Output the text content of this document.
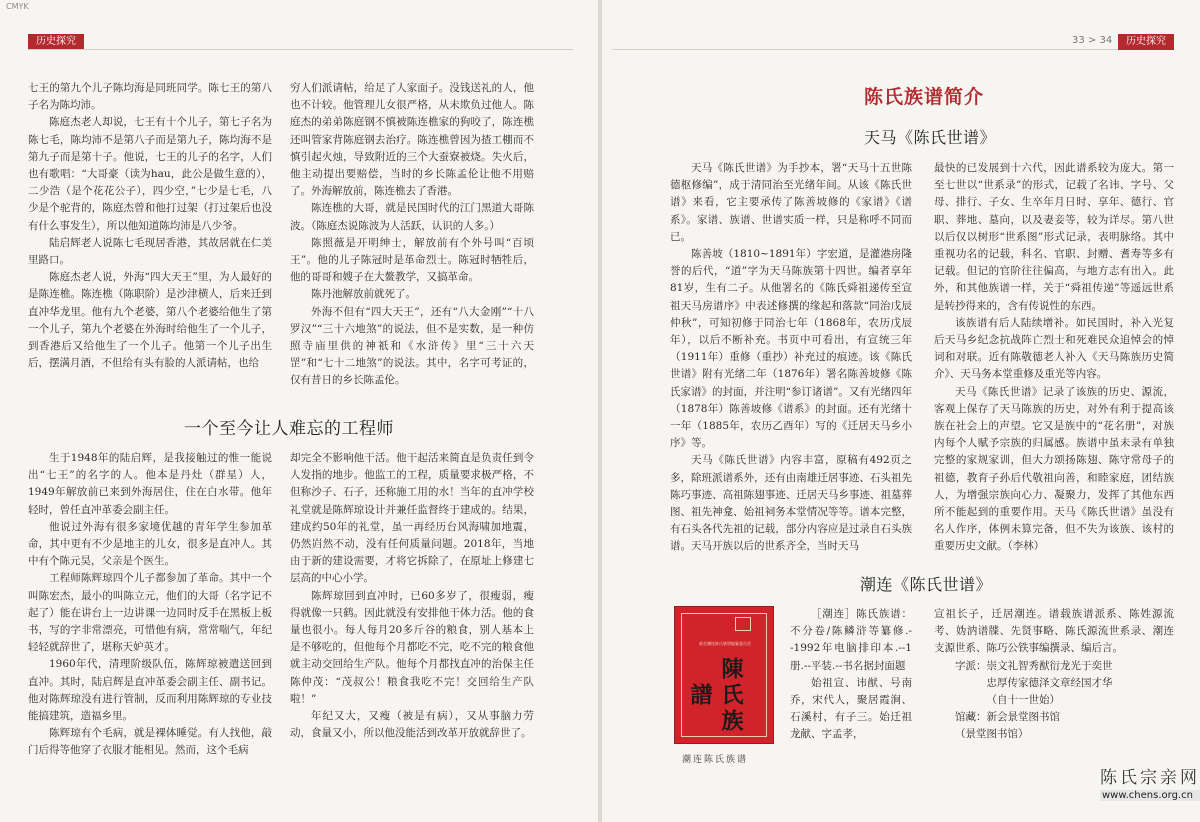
CMYK
历史探究

七王的第九个儿子陈均海是同班同学。陈七王的第八子名为陈均沛。

陈庭杰老人却说，七王有十个儿子，第七子名为陈七毛，陈均沛不是第八子而是第九子，陈均海不是第九子而是第十子。他说，七王的儿子的名字，人们也有歌唱：“大哥豪（读为hau，此公是做生意的），二少浩（是个花花公子），四少空，”七少是七毛，八少是个驼背的，陈庭杰曾和他打过架（打过架后也没有什么事发生），所以他知道陈均沛是八少爷。

陆启辉老人说陈七毛现居香港，其故居就在仁美里路口。

陈庭杰老人说，外海“四大天王”里，为人最好的是陈连樵。陈连樵（陈职阶）是沙津横人，后来迁到直冲华龙里。他有九个老婆，第八个老婆给他生了第一个儿子，第九个老婆在外海时给他生了一个儿子，到香港后又给他生了一个儿子。他第一个儿子出生后，摆满月酒，不但给有头有脸的人派请帖，也给

穷人们派请帖，给足了人家面子。没钱送礼的人，他也不计较。他管理儿女很严格，从未欺负过他人。陈庭杰的弟弟陈庭钢不慎被陈连樵家的狗咬了，陈连樵还叫管家背陈庭钢去治疗。陈连樵曾因为揸工棚而不慎引起火烛，导致附近的三个大蚕寮被烧。失火后，他主动提出要赔偿，当时的乡长陈孟伦让他不用赔了。外海解放前，陈连樵去了香港。

陈连樵的大哥，就是民国时代的江门黑道大哥陈波。（陈庭杰说陈波为人活跃，认识的人多。）

陈照薇是开明绅士，解放前有个外号叫“百顷王”。他的儿子陈冠时是革命烈士。陈冠时牺牲后，他的哥哥和嫂子在大鳌教学，又搞革命。

陈丹池解放前就死了。

外海不但有“四大天王”，还有“八大金刚”“十八罗汉”“三十六地煞”的说法，但不是实数，是一种仿照寺庙里供的神祇和《水浒传》里“三十六天罡”和“七十二地煞”的说法。其中，名字可考证的，仅有昔日的乡长陈孟伦。

一个至今让人难忘的工程师

生于1948年的陆启辉，是我接触过的惟一能说出“七王”的名字的人。他本是丹灶（群星）人，1949年解放前已来到外海居住，住在白水带。他年轻时，曾任直冲革委会副主任。

他说过外海有很多家境优越的青年学生参加革命，其中更有不少是地主的儿女，很多是直冲人。其中有个陈元昊，父亲是个医生。

工程师陈辉琼四个儿子都参加了革命。其中一个叫陈宏杰，最小的叫陈立元，他们的大哥（名字记不起了）能在讲台上一边讲课一边同时反手在黑板上板书，写的字非常漂亮，可惜他有病，常常喘气，年纪轻轻就辞世了，堪称天妒英才。

1960年代，清理阶级队伍，陈辉琼被遣送回到直冲。其时，陆启辉是直冲革委会副主任、副书记。他对陈辉琼没有进行管制，反而利用陈辉琼的专业技能搞建筑，造福乡里。

陈辉琼有个毛病，就是裸体睡觉。有人找他，敲门后得等他穿了衣服才能相见。然而，这个毛病

却完全不影响他干活。他干起活来简直是负责任到令人发指的地步。他监工的工程，质量要求极严格，不但称沙子、石子，还称施工用的水！当年的直冲学校礼堂就是陈辉琼设计并兼任监督终于建成的。结果，建成约50年的礼堂，虽一再经历台风海啸加地震，仍然岿然不动，没有任何质量问题。2018年，当地由于新的建设需要，才将它拆除了，在原址上修建七层高的中心小学。

陈辉琼回到直冲时，已60多岁了，很瘦弱，瘦得就像一只鹤。因此就没有安排他干体力活。他的食量也很小。每人每月20多斤谷的粮食，别人基本上是不够吃的，但他每个月都吃不完，吃不完的粮食他就主动交回给生产队。他每个月都找直冲的治保主任陈仲茂：“茂叔公！粮食我吃不完！交回给生产队啦！”

年纪又大，又瘦（被是有病），又从事脑力劳动，食量又小，所以他没能活到改革开放就辞世了。

33 > 34	历史探究
陈氏族谱简介
天马《陈氏世谱》

天马《陈氏世谱》为手抄本，署“天马十五世陈德枢修编”，成于清同治至光绪年间。从该《陈氏世谱》来看，它主要承传了陈善坡修的《家谱》《谱系》。家谱、族谱、世谱实质一样，只是称呼不同而已。

陈善坡（1810~1891年）字宏道，是灌港房隆誉的后代，“道”字为天马陈族第十四世。编者享年81岁，生有二子。从他署名的《陈氏舜祖递传至宣祖天马房谱序》中表述修撰的缘起和落款“同治戊辰仲秋”，可知初修于同治七年（1868年，农历戊辰年），以后不断补充。书页中可看出，有宣统三年（1911年）重修（重抄）补充过的痕迹。该《陈氏世谱》附有光绪二年（1876年）署名陈善坡修《陈氏家谱》的封面，并注明“参订诸谱”。又有光绪四年（1878年）陈善坡修《谱系》的封面。还有光绪十一年（1885年，农历乙酉年）写的《迁居天马乡小序》等。

天马《陈氏世谱》内容丰富，原稿有492页之多，除班派谱系外，还有由南雄迁居事迹、石头祖先陈巧事迹、高祖陈翅事迹、迁居天马乡事迹、祖墓葬图、祖先神龛、始祖祠务本堂情况等等。谱本完整，有石头各代先祖的记载，部分内容应是过录自石头族谱。天马开族以后的世系齐全，当时天马

最快的已发展到十六代，因此谱系较为庞大。第一至七世以“世系录”的形式，记载了名讳、字号、父母、排行、子女、生卒年月日时、享年、德行、官职、葬地、墓向，以及妻妾等，较为详尽。第八世以后仅以树形“世系图”形式记录，表明脉络。其中重视功名的记载，科名、官职、封赠、耆寿等多有记载。但记的官阶往往偏高，与地方志有出入。此外，和其他族谱一样，关于“舜祖传递”等遥远世系是转抄得来的，含有传说性的东西。

该族谱有后人陆续增补。如民国时，补入光复后天马乡纪念抗战阵亡烈士和死难民众追悼会的悼词和对联。近有陈敬德老人补入《天马陈族历史简介》、天马务本堂重修及重光等内容。

天马《陈氏世谱》记录了该族的历史、源流，客观上保存了天马陈族的历史，对外有利于提高该族在社会上的声望。它又是族中的“花名册”，对族内每个人赋予宗族的归属感。族谱中虽未录有单独完整的家规家训，但大力颂扬陈翅、陈守常母子的祖德，教育子孙后代敬祖向善，和睦家庭，团结族人，为增强宗族向心力、凝聚力，发挥了其他东西所不能起到的重要作用。天马《陈氏世谱》虽没有名人作序，体例未算完备，但不失为该族、该村的重要历史文献。（李林）

潮连《陈氏世谱》
新会潮连陈氏族谱编纂委员会
陳氏族譜
潮连陈氏族谱

［潮连］陈氏族谱：不分卷/陈鳞浒等纂修.--1992年电脑排印本.--1册.--平装.--书名据封面题

始祖宣、讳猷、号南乔，宋代人，聚居霞涧、石溪村，有子三。始迁祖龙献、字孟孝，

宣祖长子，迁居潮连。谱载族谱派系、陈姓源流考、妫汭谱牒、先贤事略、陈氏源流世系录、潮连支源世系、陈巧公铁事编撰录、编后言。

字派：崇文礼智秀猷衍龙光于奕世

忠厚传家德泽文章经国才华

（自十一世始）

馆藏：新会景堂图书馆

（景堂图书馆）

陈氏宗亲网
www.chens.org.cn
